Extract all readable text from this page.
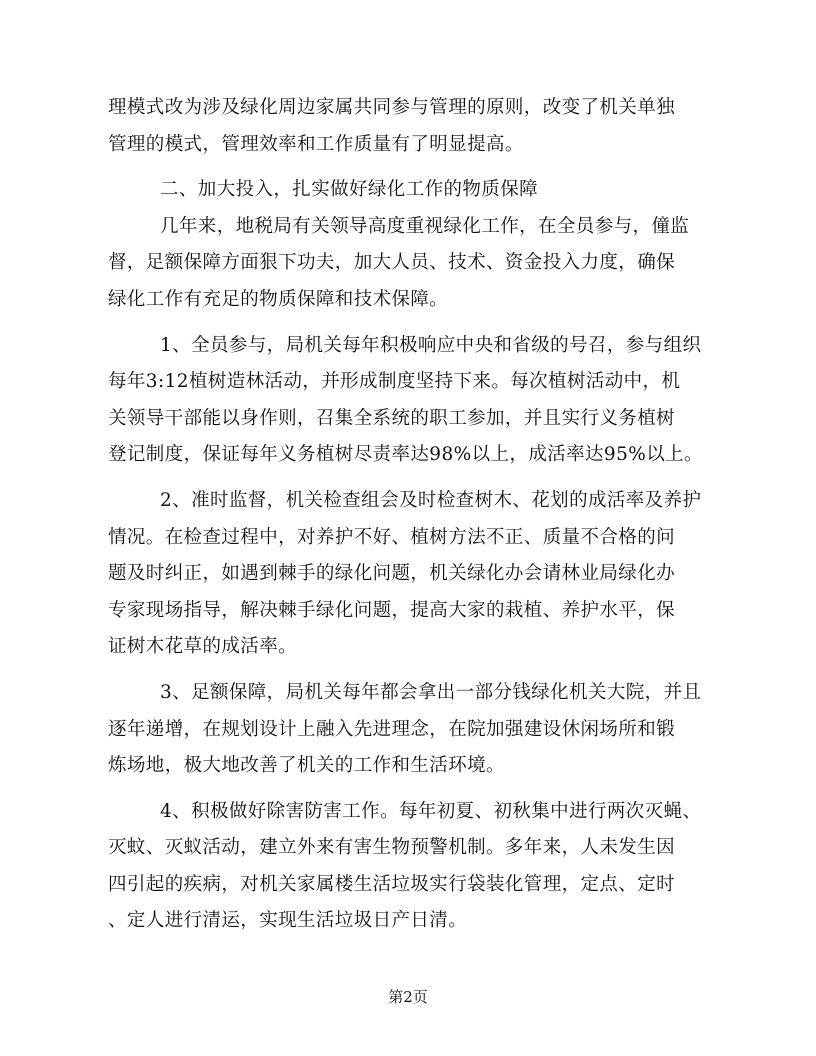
理模式改为涉及绿化周边家属共同参与管理的原则，改变了机关单独
管理的模式，管理效率和工作质量有了明显提高。
二、加大投入，扎实做好绿化工作的物质保障
几年来，地税局有关领导高度重视绿化工作，在全员参与，僮监
督，足额保障方面狠下功夫，加大人员、技术、资金投入力度，确保
绿化工作有充足的物质保障和技术保障。
1、全员参与，局机关每年积极响应中央和省级的号召，参与组织
每年3:12植树造林活动，并形成制度坚持下来。每次植树活动中，机
关领导干部能以身作则，召集全系统的职工参加，并且实行义务植树
登记制度，保证每年义务植树尽责率达98%以上，成活率达95%以上。
2、准时监督，机关检查组会及时检查树木、花划的成活率及养护
情况。在检查过程中，对养护不好、植树方法不正、质量不合格的问
题及时纠正，如遇到棘手的绿化问题，机关绿化办会请林业局绿化办
专家现场指导，解决棘手绿化问题，提高大家的栽植、养护水平，保
证树木花草的成活率。
3、足额保障，局机关每年都会拿出一部分钱绿化机关大院，并且
逐年递增，在规划设计上融入先进理念，在院加强建设休闲场所和锻
炼场地，极大地改善了机关的工作和生活环境。
4、积极做好除害防害工作。每年初夏、初秋集中进行两次灭蝇、
灭蚊、灭蚁活动，建立外来有害生物预警机制。多年来，人未发生因
四引起的疾病，对机关家属楼生活垃圾实行袋装化管理，定点、定时
、定人进行清运，实现生活垃圾日产日清。
第2页
